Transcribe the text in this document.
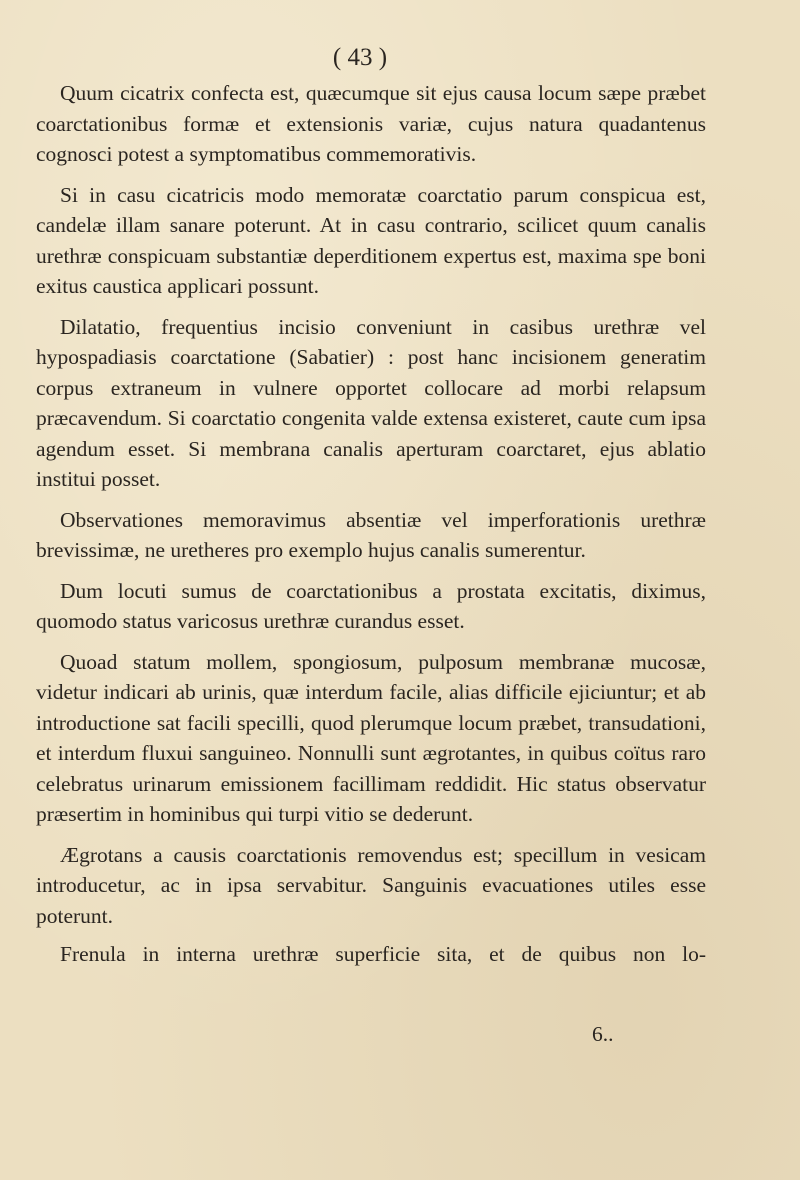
( 43 )

Quum cicatrix confecta est, quæcumque sit ejus causa locum sæpe præbet coarctationibus formæ et extensionis variæ, cujus natura quadantenus cognosci potest a symptomatibus commemorativis.

Si in casu cicatricis modo memoratæ coarctatio parum conspicua est, candelæ illam sanare poterunt. At in casu contrario, scilicet quum canalis urethræ conspicuam substantiæ deperditionem expertus est, maxima spe boni exitus caustica applicari possunt.

Dilatatio, frequentius incisio conveniunt in casibus urethræ vel hypospadiasis coarctatione (Sabatier) : post hanc incisionem generatim corpus extraneum in vulnere opportet collocare ad morbi relapsum præcavendum. Si coarctatio congenita valde extensa existeret, caute cum ipsa agendum esset. Si membrana canalis aperturam coarctaret, ejus ablatio institui posset.

Observationes memoravimus absentiæ vel imperforationis urethræ brevissimæ, ne uretheres pro exemplo hujus canalis sumerentur.

Dum locuti sumus de coarctationibus a prostata excitatis, diximus, quomodo status varicosus urethræ curandus esset.

Quoad statum mollem, spongiosum, pulposum membranæ mucosæ, videtur indicari ab urinis, quæ interdum facile, alias difficile ejiciuntur; et ab introductione sat facili specilli, quod plerumque locum præbet, transudationi, et interdum fluxui sanguineo. Nonnulli sunt ægrotantes, in quibus coïtus raro celebratus urinarum emissionem facillimam reddidit. Hic status observatur præsertim in hominibus qui turpi vitio se dederunt.

Ægrotans a causis coarctationis removendus est; specillum in vesicam introducetur, ac in ipsa servabitur. Sanguinis evacuationes utiles esse poterunt.

Frenula in interna urethræ superficie sita, et de quibus non lo-

6..
